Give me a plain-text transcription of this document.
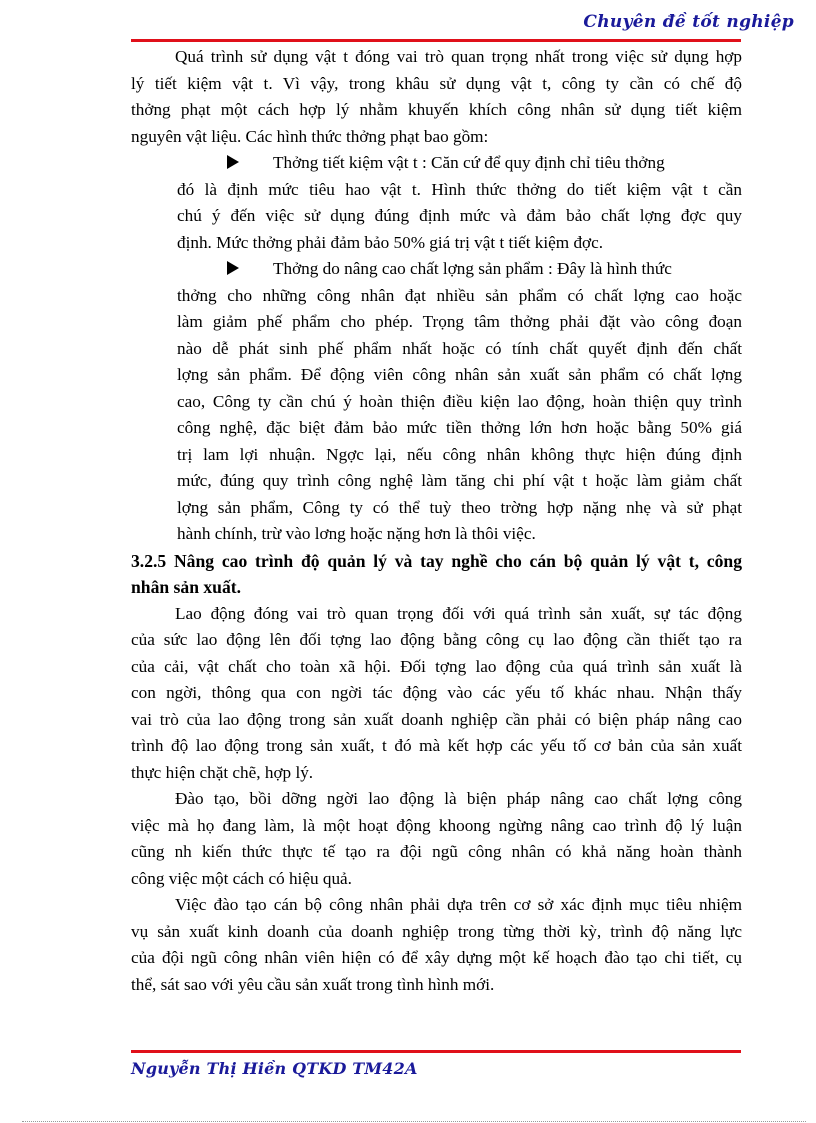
Chuyên đề tốt nghiệp
Quá trình sử dụng vật t đóng vai trò quan trọng nhất trong việc sử dụng hợp
lý tiết kiệm vật t. Vì vậy, trong khâu sử dụng vật t, công ty cần có chế độ
thởng phạt một cách hợp lý nhằm khuyến khích công nhân sử dụng tiết kiệm
nguyên vật liệu. Các hình thức thởng phạt bao gồm:
Thởng tiết kiệm vật t : Căn cứ để quy định chỉ tiêu thởng
đó là định mức tiêu hao vật t. Hình thức thởng do tiết kiệm vật t cần
chú ý đến việc sử dụng đúng định mức và đảm bảo chất lợng đợc quy
định. Mức thởng phải đảm bảo 50% giá trị vật t tiết kiệm đợc.
Thởng do nâng cao chất lợng sản phẩm : Đây là hình thức
thởng cho những công nhân đạt nhiều sản phẩm có chất lợng cao hoặc
làm giảm phế phẩm cho phép. Trọng tâm thởng phải đặt vào công đoạn
nào dễ phát sinh phế phẩm nhất hoặc có tính chất quyết định đến chất
lợng sản phẩm. Để động viên công nhân sản xuất sản phẩm có chất lợng
cao, Công ty cần chú ý hoàn thiện điều kiện lao động, hoàn thiện quy trình
công nghệ, đặc biệt đảm bảo mức tiền thởng lớn hơn hoặc bằng 50% giá
trị lam lợi nhuận. Ngợc lại, nếu công nhân không thực hiện đúng định
mức, đúng quy trình công nghệ làm tăng chi phí vật t hoặc làm giảm chất
lợng sản phẩm, Công ty có thể tuỳ theo trờng hợp nặng nhẹ và sử phạt
hành chính, trừ vào lơng hoặc nặng hơn là thôi việc.
3.2.5 Nâng cao trình độ quản lý và tay nghề cho cán bộ quản lý vật t, công
nhân sản xuất.
Lao động đóng vai trò quan trọng đối với quá trình sản xuất, sự tác động
của sức lao động lên đối tợng lao động bằng công cụ lao động cần thiết tạo ra
của cải, vật chất cho toàn xã hội. Đối tợng lao động của quá trình sản xuất là
con ngời, thông qua con ngời tác động vào các yếu tố khác nhau. Nhận thấy
vai trò của lao động trong sản xuất doanh nghiệp cần phải có biện pháp nâng cao
trình độ lao động trong sản xuất, t đó mà kết hợp các yếu tố cơ bản của sản xuất
thực hiện chặt chẽ, hợp lý.
Đào tạo, bồi dỡng ngời lao động là biện pháp nâng cao chất lợng công
việc mà họ đang làm, là một hoạt động khoong ngừng nâng cao trình độ lý luận
cũng nh kiến thức thực tế tạo ra đội ngũ công nhân có khả năng hoàn thành
công việc một cách có hiệu quả.
Việc đào tạo cán bộ công nhân phải dựa trên cơ sở xác định mục tiêu nhiệm
vụ sản xuất kinh doanh của doanh nghiệp trong từng thời kỳ, trình độ năng lực
của đội ngũ công nhân viên hiện có để xây dựng một kế hoạch đào tạo chi tiết, cụ
thể, sát sao với yêu cầu sản xuất trong tình hình mới.
Nguyễn Thị Hiền QTKD TM42A
